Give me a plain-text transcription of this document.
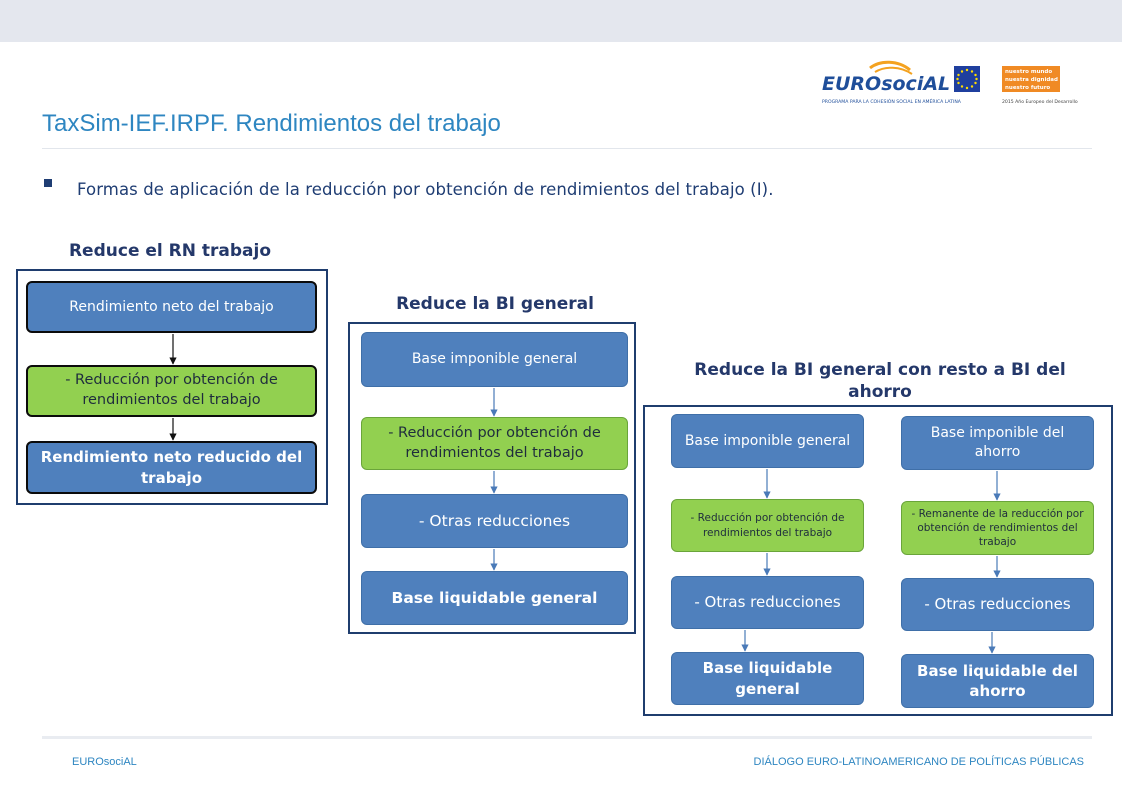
EUROsociAL
PROGRAMA PARA LA COHESIÓN SOCIAL EN AMÉRICA LATINA
nuestro mundo
nuestra dignidad
nuestro futuro
2015 Año Europeo del Desarrollo
TaxSim-IEF.IRPF. Rendimientos del trabajo
Formas de aplicación de la reducción por obtención de rendimientos del trabajo (I).
Reduce el RN trabajo
Rendimiento neto del trabajo
- Reducción por obtención de rendimientos del trabajo
Rendimiento neto reducido del trabajo
Reduce la BI general
Base imponible general
- Reducción por obtención de rendimientos del trabajo
- Otras reducciones
Base liquidable general
Reduce la BI general con resto a BI del ahorro
Base imponible general
- Reducción por obtención de rendimientos del trabajo
- Otras reducciones
Base liquidable general
Base imponible del ahorro
- Remanente de la reducción por obtención de rendimientos del trabajo
- Otras reducciones
Base liquidable del ahorro
EUROsociAL	DIÁLOGO EURO-LATINOAMERICANO DE POLÍTICAS PÚBLICAS
